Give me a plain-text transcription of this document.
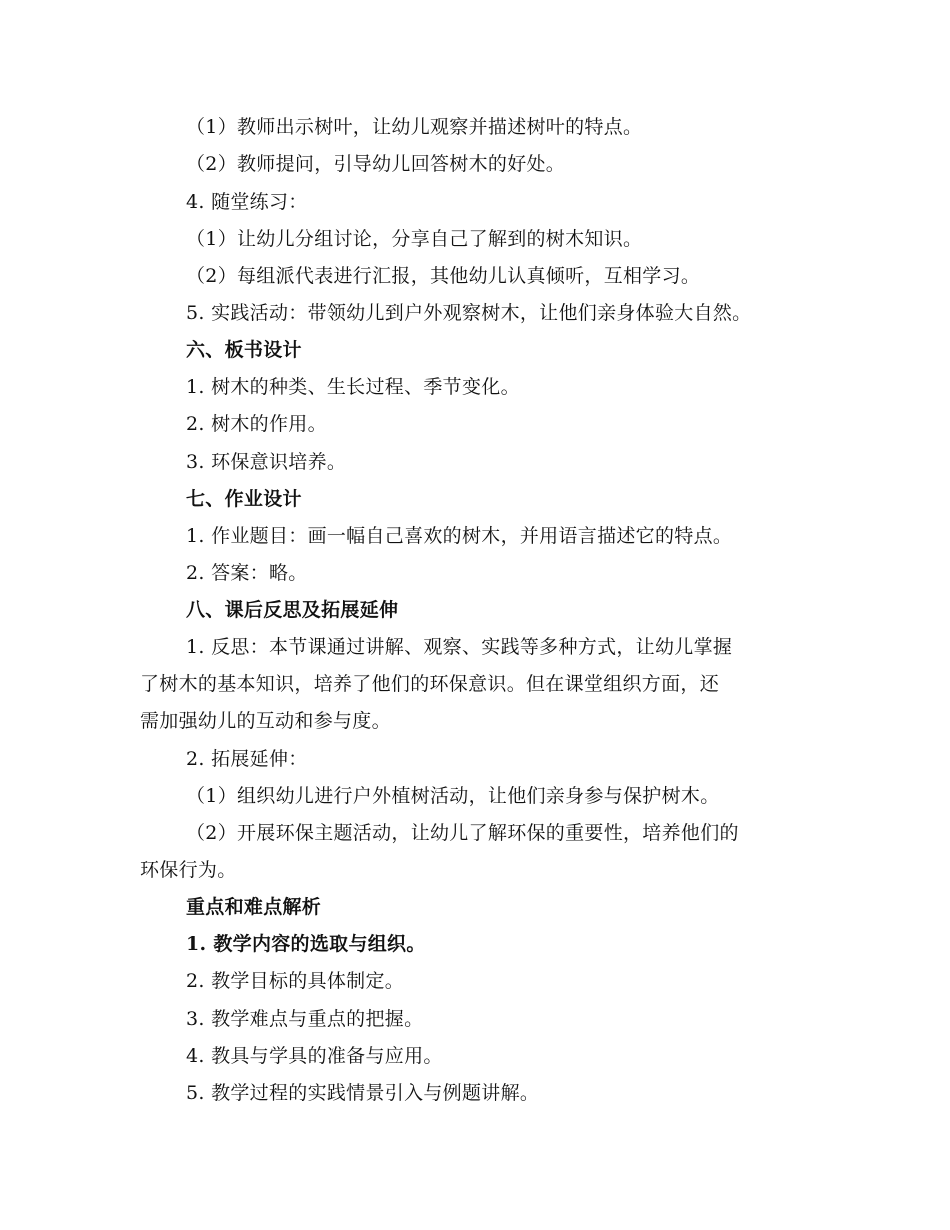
（1）教师出示树叶，让幼儿观察并描述树叶的特点。
（2）教师提问，引导幼儿回答树木的好处。
4. 随堂练习：
（1）让幼儿分组讨论，分享自己了解到的树木知识。
（2）每组派代表进行汇报，其他幼儿认真倾听，互相学习。
5. 实践活动：带领幼儿到户外观察树木，让他们亲身体验大自然。
六、板书设计
1. 树木的种类、生长过程、季节变化。
2. 树木的作用。
3. 环保意识培养。
七、作业设计
1. 作业题目：画一幅自己喜欢的树木，并用语言描述它的特点。
2. 答案：略。
八、课后反思及拓展延伸
1. 反思：本节课通过讲解、观察、实践等多种方式，让幼儿掌握
了树木的基本知识，培养了他们的环保意识。但在课堂组织方面，还
需加强幼儿的互动和参与度。
2. 拓展延伸：
（1）组织幼儿进行户外植树活动，让他们亲身参与保护树木。
（2）开展环保主题活动，让幼儿了解环保的重要性，培养他们的
环保行为。
重点和难点解析
1. 教学内容的选取与组织。
2. 教学目标的具体制定。
3. 教学难点与重点的把握。
4. 教具与学具的准备与应用。
5. 教学过程的实践情景引入与例题讲解。
